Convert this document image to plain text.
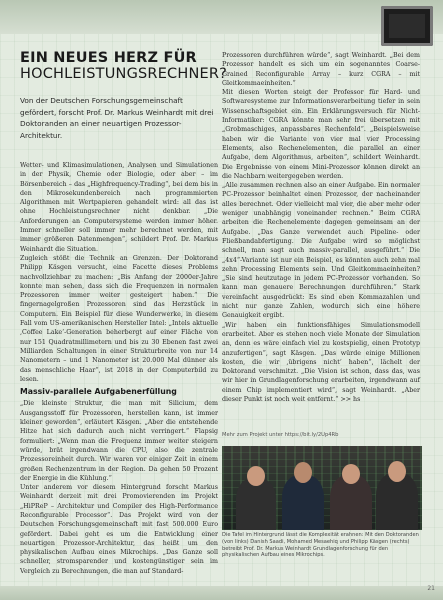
EIN NEUES HERZ FÜR
HOCHLEISTUNGSRECHNER?
Von der Deutschen Forschungsgemeinschaft gefördert, forscht Prof. Dr. Markus Weinhardt mit drei Doktoranden an einer neuartigen Prozessor-Architektur.

Wetter- und Klimasimulationen, Analysen und Simulationen in der Physik, Chemie oder Biologie, oder aber – im Börsenbereich – das „Highfrequency-Trading“, bei dem bis in den Mikrosekundenbereich nach programmierten Algorithmen mit Wertpapieren gehandelt wird: all das ist ohne Hochleistungsrechner nicht denkbar. „Die Anforderungen an Computersysteme werden immer höher. Immer schneller soll immer mehr berechnet werden, mit immer größeren Datenmengen“, schildert Prof. Dr. Markus Weinhardt die Situation.

Zugleich stößt die Technik an Grenzen. Der Doktorand Philipp Käsgen versucht, eine Facette dieses Problems nachvollziehbar zu machen: „Bis Anfang der 2000er-Jahre konnte man sehen, dass sich die Frequenzen in normalen Prozessoren immer weiter gesteigert haben.“ Die fingernagelgroßen Prozessoren sind das Herzstück in Computern. Ein Beispiel für diese Wunderwerke, in diesem Fall vom US-amerikanischen Hersteller Intel: „Intels aktuelle ‚Coffee Lake‘-Generation beherbergt auf einer Fläche von nur 151 Quadratmillimetern und bis zu 30 Ebenen fast zwei Milliarden Schaltungen in einer Strukturbreite von nur 14 Nanometern – und 1 Nanometer ist 20.000 Mal dünner als das menschliche Haar“, ist 2018 in der Computerbild zu lesen.

Massiv-parallele Aufgabenerfüllung

„Die kleinste Struktur, die man mit Silicium, dem Ausgangsstoff für Prozessoren, herstellen kann, ist immer kleiner geworden“, erläutert Käsgen. „Aber die entstehende Hitze hat sich dadurch auch nicht verringert.“ Flapsig formuliert: „Wenn man die Frequenz immer weiter steigern würde, brät irgendwann die CPU, also die zentrale Prozessoreinheit durch. Wir waren vor einiger Zeit in einem großen Rechenzentrum in der Region. Da gehen 50 Prozent der Energie in die Kühlung.“

Unter anderem vor diesem Hintergrund forscht Markus Weinhardt derzeit mit drei Promovierenden im Projekt „HiPReP – Architektur und Compiler des High-Performance Reconfigurable Processor“. Das Projekt wird von der Deutschen Forschungsgemeinschaft mit fast 500.000 Euro gefördert. Dabei geht es um die Entwicklung einer neuartigen Prozessor-Architektur, das heißt um den physikalischen Aufbau eines Mikrochips. „Das Ganze soll schneller, stromsparender und kostengünstiger sein im Vergleich zu Berechnungen, die man auf Standard-

Prozessoren durchführen würde“, sagt Weinhardt. „Bei dem Prozessor handelt es sich um ein sogenanntes Coarse-Grained Reconfigurable Array – kurz CGRA – mit Gleitkommaeinheiten.“

Mit diesen Worten steigt der Professor für Hard- und Softwaresysteme zur Informationsverarbeitung tiefer in sein Wissenschaftsgebiet ein. Ein Erklärungsversuch für Nicht-Informatiker: CGRA könnte man sehr frei übersetzen mit „Grobmaschiges, anpassbares Rechenfeld“. „Beispielsweise haben wir die Variante von vier mal vier Processing Elements, also Rechenelementen, die parallel an einer Aufgabe, dem Algorithmus, arbeiten“, schildert Weinhardt. Die Ergebnisse von einem Mini-Prozessor können direkt an die Nachbarn weitergegeben werden.

„Alle zusammen rechnen also an einer Aufgabe. Ein normaler PC-Prozessor beinhaltet einen Prozessor, der nacheinander alles berechnet. Oder vielleicht mal vier, die aber mehr oder weniger unabhängig voneinander rechnen.“ Beim CGRA arbeiten die Rechenelemente dagegen gemeinsam an der Aufgabe. „Das Ganze verwendet auch Pipeline- oder Fließbandabfertigung. Die Aufgabe wird so möglichst schnell, man sagt auch massiv-parallel, ausgeführt.“ Die „4x4“-Variante ist nur ein Beispiel, es könnten auch zehn mal zehn Processing Elements sein. Und Gleitkommaeinheiten? „Sie sind heutzutage in jedem PC-Prozessor vorhanden. So kann man genauere Berechnungen durchführen.“ Stark vereinfacht ausgedrückt: Es sind eben Kommazahlen und nicht nur ganze Zahlen, wodurch sich eine höhere Genauigkeit ergibt.

„Wir haben ein funktionsfähiges Simulationsmodell erarbeitet. Aber es stehen noch viele Monate der Simulation an, denn es wäre einfach viel zu kostspielig, einen Prototyp anzufertigen“, sagt Käsgen. „Das würde einige Millionen kosten, die wir ‚übrigens nicht‘ haben“, lächelt der Doktorand verschmitzt. „Die Vision ist schon, dass das, was wir hier in Grundlagenforschung erarbeiten, irgendwann auf einem Chip implementiert wird“, sagt Weinhardt. „Aber dieser Punkt ist noch weit entfernt.“ >> hs

Mehr zum Projekt unter https://bit.ly/2Up4Rb
Die Tafel im Hintergrund lässt die Komplexität erahnen: Mit den Doktoranden (von links) Danish Saadi, Mohamed Mesaehiq und Philipp Käsgen (rechts) betreibt Prof. Dr. Markus Weinhardt Grundlagenforschung für den physikalischen Aufbau eines Mikrochips.
21
